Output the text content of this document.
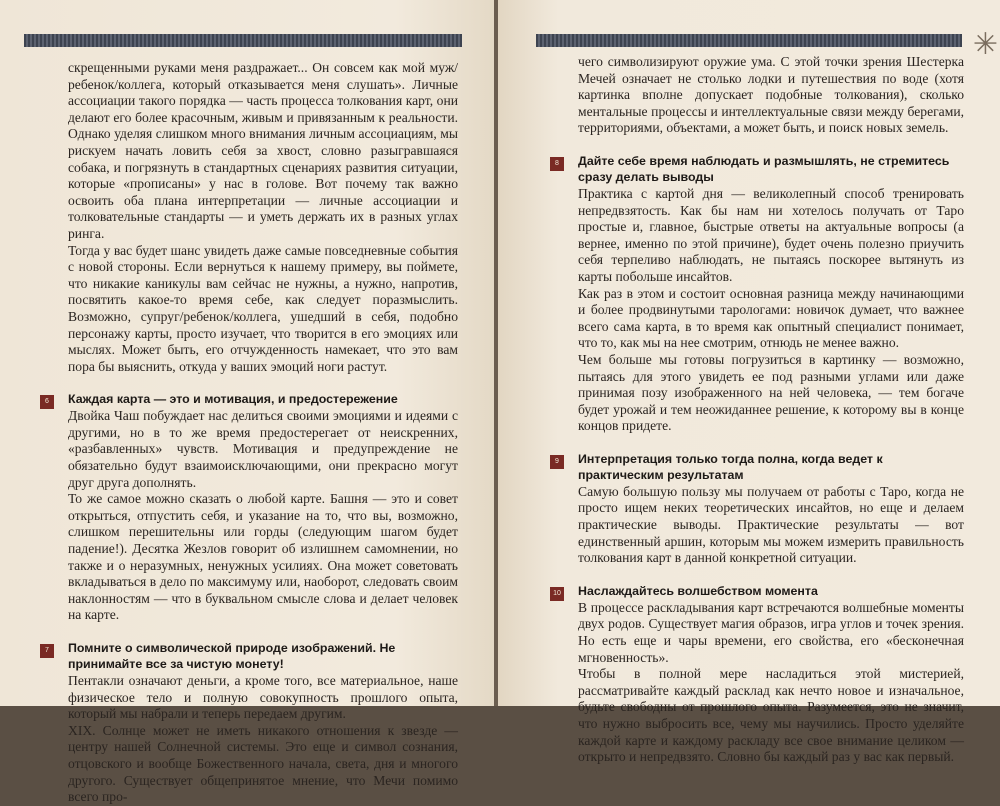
скрещенными руками меня раздражает... Он совсем как мой муж/ребенок/коллега, который отказывается меня слушать». Личные ассоциации такого порядка — часть процесса толкования карт, они делают его более красочным, живым и привязанным к реальности. Однако уделяя слишком много внимания личным ассоциациям, мы рискуем начать ловить себя за хвост, словно разыгравшаяся собака, и погрязнуть в стандартных сценариях развития ситуации, которые «прописаны» у нас в голове. Вот почему так важно освоить оба плана интерпретации — личные ассоциации и толковательные стандарты — и уметь держать их в разных углах ринга.

Тогда у вас будет шанс увидеть даже самые повседневные события с новой стороны. Если вернуться к нашему примеру, вы поймете, что никакие каникулы вам сейчас не нужны, а нужно, напротив, посвятить какое-то время себе, как следует поразмыслить. Возможно, супруг/ребенок/коллега, ушедший в себя, подобно персонажу карты, просто изучает, что творится в его эмоциях или мыслях. Может быть, его отчужденность намекает, что это вам пора бы выяснить, откуда у ваших эмоций ноги растут.

6	Каждая карта — это и мотивация, и предостережение

Двойка Чаш побуждает нас делиться своими эмоциями и идеями с другими, но в то же время предостерегает от неискренних, «разбавленных» чувств. Мотивация и предупреждение не обязательно будут взаимоисключающими, они прекрасно могут друг друга дополнять.

То же самое можно сказать о любой карте. Башня — это и совет открыться, отпустить себя, и указание на то, что вы, возможно, слишком перешительны или горды (следующим шагом будет падение!). Десятка Жезлов говорит об излишнем самомнении, но также и о неразумных, ненужных усилиях. Она может советовать вкладываться в дело по максимуму или, наоборот, следовать своим наклонностям — что в буквальном смысле слова и делает человек на карте.

7	Помните о символической природе изображений. Не принимайте все за чистую монету!

Пентакли означают деньги, а кроме того, все материальное, наше физическое тело и полную совокупность прошлого опыта, который мы набрали и теперь передаем другим.

XIX. Солнце может не иметь никакого отношения к звезде — центру нашей Солнечной системы. Это еще и символ сознания, отцовского и вообще Божественного начала, света, дня и многого другого. Существует общепринятое мнение, что Мечи помимо всего про-

✳

чего символизируют оружие ума. С этой точки зрения Шестерка Мечей означает не столько лодки и путешествия по воде (хотя картинка вполне допускает подобные толкования), сколько ментальные процессы и интеллектуальные связи между берегами, территориями, объектами, а может быть, и поиск новых земель.

8	Дайте себе время наблюдать и размышлять, не стремитесь сразу делать выводы

Практика с картой дня — великолепный способ тренировать непредвзятость. Как бы нам ни хотелось получать от Таро простые и, главное, быстрые ответы на актуальные вопросы (а вернее, именно по этой причине), будет очень полезно приучить себя терпеливо наблюдать, не пытаясь поскорее вытянуть из карты побольше инсайтов.

Как раз в этом и состоит основная разница между начинающими и более продвинутыми тарологами: новичок думает, что важнее всего сама карта, в то время как опытный специалист понимает, что то, как мы на нее смотрим, отнюдь не менее важно.

Чем больше мы готовы погрузиться в картинку — возможно, пытаясь для этого увидеть ее под разными углами или даже принимая позу изображенного на ней человека, — тем богаче будет урожай и тем неожиданнее решение, к которому вы в конце концов придете.

9	Интерпретация только тогда полна, когда ведет к практическим результатам

Самую большую пользу мы получаем от работы с Таро, когда не просто ищем неких теоретических инсайтов, но еще и делаем практические выводы. Практические результаты — вот единственный аршин, которым мы можем измерить правильность толкования карт в данной конкретной ситуации.

10 Наслаждайтесь волшебством момента

В процессе раскладывания карт встречаются волшебные моменты двух родов. Существует магия образов, игра углов и точек зрения. Но есть еще и чары времени, его свойства, его «бесконечная мгновенность».

Чтобы в полной мере насладиться этой мистерией, рассматривайте каждый расклад как нечто новое и изначальное, будьте свободны от прошлого опыта. Разумеется, это не значит, что нужно выбросить все, чему мы научились. Просто уделяйте каждой карте и каждому раскладу все свое внимание целиком — открыто и непредвзято. Словно бы каждый раз у вас как первый.
